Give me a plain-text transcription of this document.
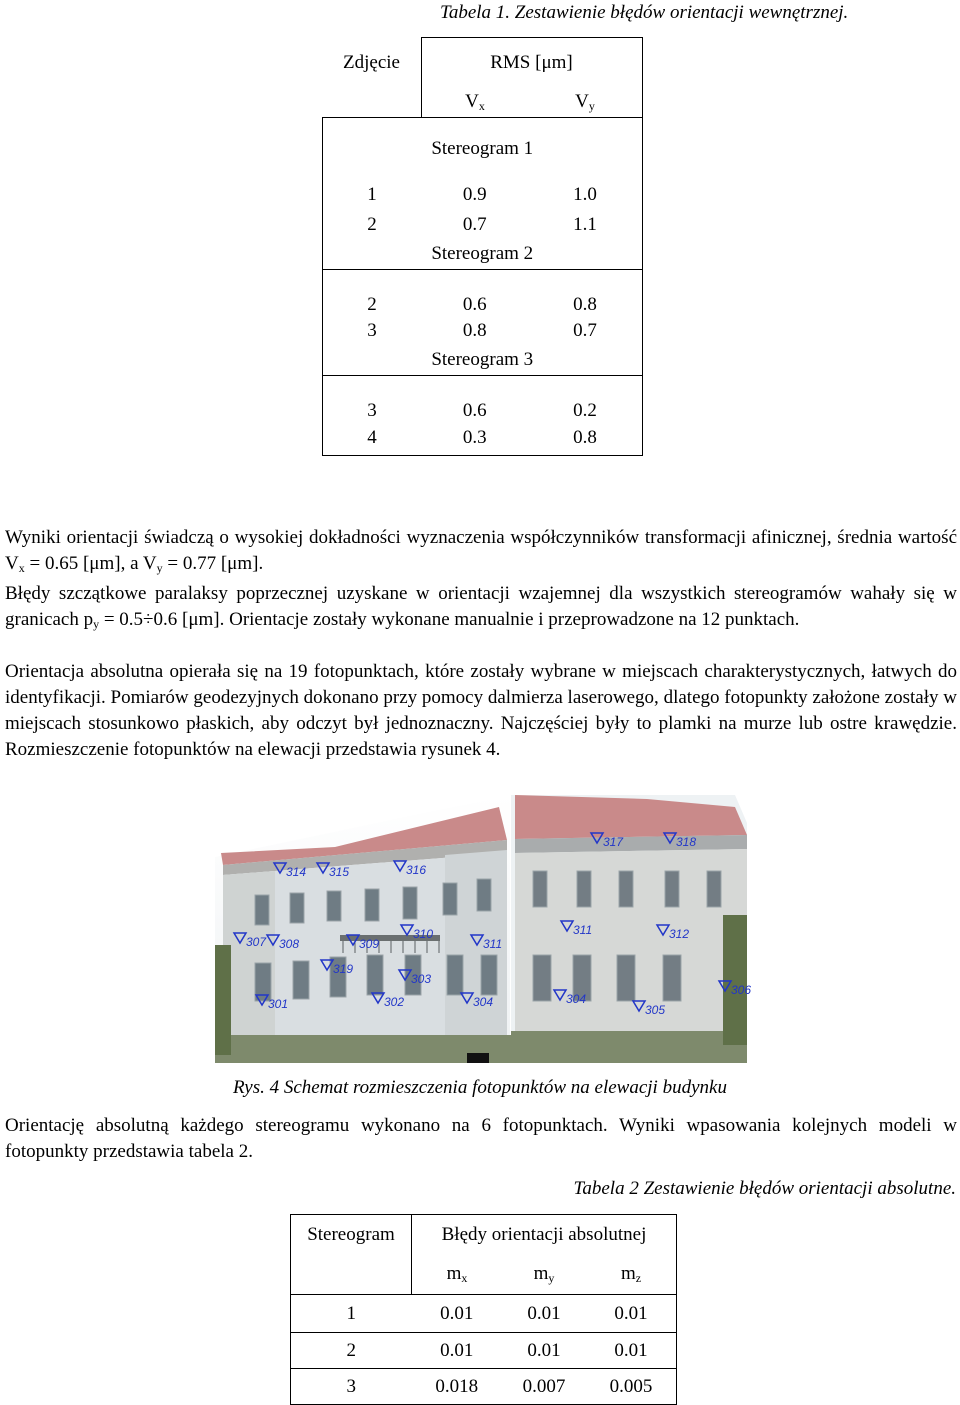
Tabela 1. Zestawienie błędów orientacji wewnętrznej.
Zdjęcie	RMS [μm]	
	$V_x$	$V_y$
Stereogram 1		
1	0.9	1.0
2	0.7	1.1
Stereogram 2		
2	0.6	0.8
3	0.8	0.7
Stereogram 3		
3	0.6	0.2
4	0.3	0.8

Wyniki orientacji świadczą o wysokiej dokładności wyznaczenia współczynników transformacji afinicznej, średnia wartość $V_x = 0.65$ [μm], a $V_y = 0.77$ [μm].

Błędy szczątkowe paralaksy poprzecznej uzyskane w orientacji wzajemnej dla wszystkich stereogramów wahały się w granicach $p_y = 0.5\div 0.6$ [μm]. Orientacje zostały wykonane manualnie i przeprowadzone na 12 punktach.

Orientacja absolutna opierała się na 19 fotopunktach, które zostały wybrane w miejscach charakterystycznych, łatwych do identyfikacji. Pomiarów geodezyjnych dokonano przy pomocy dalmierza laserowego, dlatego fotopunkty założone zostały w miejscach stosunkowo płaskich, aby odczyt był jednoznaczny. Najczęściej były to plamki na murze lub ostre krawędzie. Rozmieszczenie fotopunktów na elewacji przedstawia rysunek 4.

314 315	316
317	318
307 308	309
310
311
311	312
319
303
301	302	304	304
305
306
Rys. 4 Schemat rozmieszczenia fotopunktów na elewacji budynku

Orientację absolutną każdego stereogramu wykonano na 6 fotopunktach. Wyniki wpasowania kolejnych modeli w fotopunkty przedstawia tabela 2.

Tabela 2 Zestawienie błędów orientacji absolutne.
Stereogram	Błędy orientacji absolutnej		
	$m_x$	$m_y$	$m_z$
1	0.01	0.01	0.01
2	0.01	0.01	0.01
3	0.018	0.007	0.005
